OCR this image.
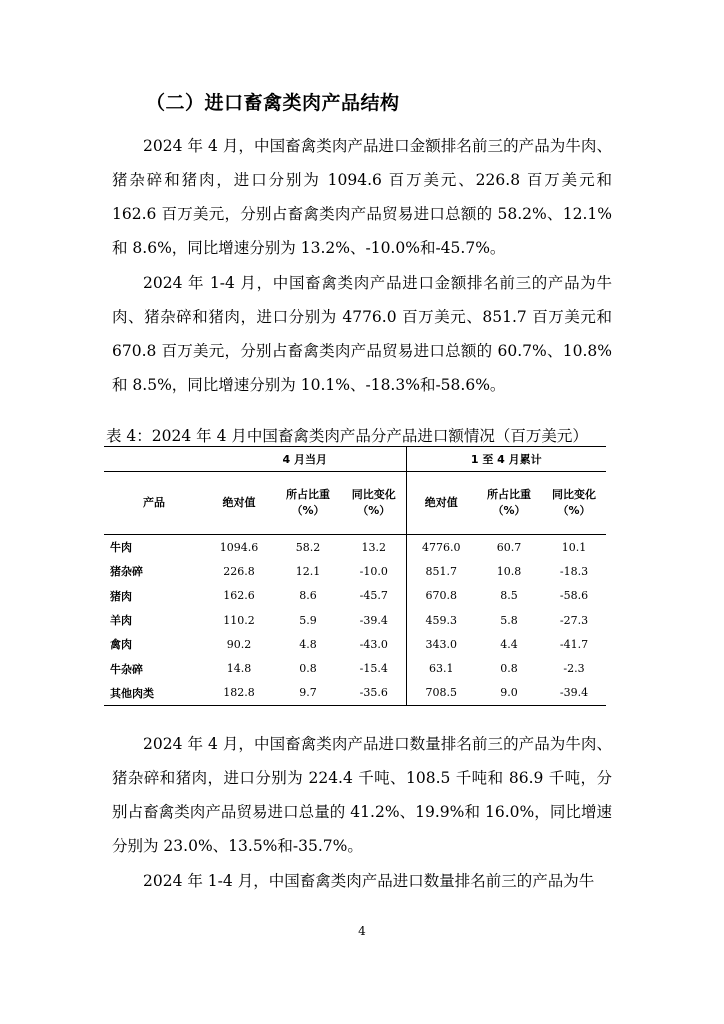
（二）进口畜禽类肉产品结构

2024 年 4 月，中国畜禽类肉产品进口金额排名前三的产品为牛肉、猪杂碎和猪肉，进口分别为 1094.6 百万美元、226.8 百万美元和 162.6 百万美元，分别占畜禽类肉产品贸易进口总额的 58.2%、12.1% 和 8.6%，同比增速分别为 13.2%、-10.0%和-45.7%。

2024 年 1-4 月，中国畜禽类肉产品进口金额排名前三的产品为牛肉、猪杂碎和猪肉，进口分别为 4776.0 百万美元、851.7 百万美元和 670.8 百万美元，分别占畜禽类肉产品贸易进口总额的 60.7%、10.8% 和 8.5%，同比增速分别为 10.1%、-18.3%和-58.6%。

表 4：2024 年 4 月中国畜禽类肉产品分产品进口额情况（百万美元）
	4 月当月			1 至 4 月累计		
产品	绝对值	所占比重（%）	同比变化（%）	绝对值	所占比重（%）	同比变化（%）
牛肉	1094.6	58.2	13.2	4776.0	60.7	10.1
猪杂碎	226.8	12.1	-10.0	851.7	10.8	-18.3
猪肉	162.6	8.6	-45.7	670.8	8.5	-58.6
羊肉	110.2	5.9	-39.4	459.3	5.8	-27.3
禽肉	90.2	4.8	-43.0	343.0	4.4	-41.7
牛杂碎	14.8	0.8	-15.4	63.1	0.8	-2.3
其他肉类	182.8	9.7	-35.6	708.5	9.0	-39.4

2024 年 4 月，中国畜禽类肉产品进口数量排名前三的产品为牛肉、猪杂碎和猪肉，进口分别为 224.4 千吨、108.5 千吨和 86.9 千吨，分别占畜禽类肉产品贸易进口总量的 41.2%、19.9%和 16.0%，同比增速分别为 23.0%、13.5%和-35.7%。

2024 年 1-4 月，中国畜禽类肉产品进口数量排名前三的产品为牛

4
